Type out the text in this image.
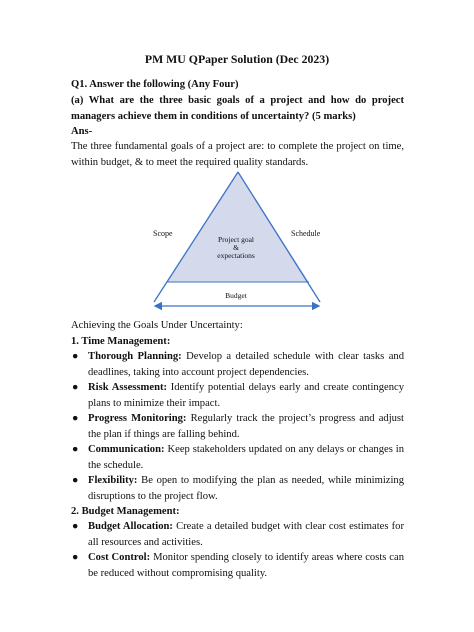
PM MU QPaper Solution (Dec 2023)
Q1. Answer the following (Any Four)
(a) What are the three basic goals of a project and how do project managers achieve them in conditions of uncertainty? (5 marks)
Ans-
The three fundamental goals of a project are: to complete the project on time, within budget, & to meet the required quality standards.
Scope	Schedule
Project goal
&
expectations
Budget
Achieving the Goals Under Uncertainty:
1. Time Management:
● Thorough Planning: Develop a detailed schedule with clear tasks and deadlines, taking into account project dependencies.
● Risk Assessment: Identify potential delays early and create contingency plans to minimize their impact.
● Progress Monitoring: Regularly track the project’s progress and adjust the plan if things are falling behind.
● Communication: Keep stakeholders updated on any delays or changes in the schedule.
● Flexibility: Be open to modifying the plan as needed, while minimizing disruptions to the project flow.
2. Budget Management:
● Budget Allocation: Create a detailed budget with clear cost estimates for all resources and activities.
● Cost Control: Monitor spending closely to identify areas where costs can be reduced without compromising quality.
